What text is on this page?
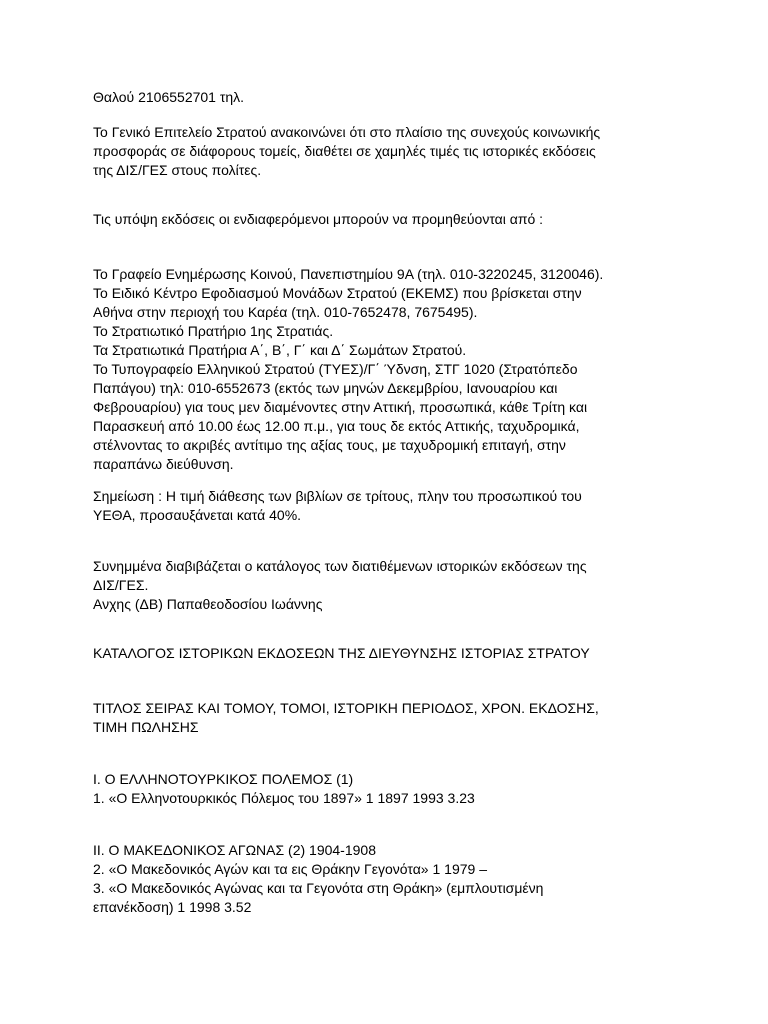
Θαλού 2106552701 τηλ.
Το Γενικό Επιτελείο Στρατού ανακοινώνει ότι στο πλαίσιο της συνεχούς κοινωνικής
προσφοράς σε διάφορους τομείς, διαθέτει σε χαμηλές τιμές τις ιστορικές εκδόσεις
της ΔΙΣ/ΓΕΣ στους πολίτες.
Τις υπόψη εκδόσεις οι ενδιαφερόμενοι μπορούν να προμηθεύονται από :
Το Γραφείο Ενημέρωσης Κοινού, Πανεπιστημίου 9Α (τηλ. 010-3220245, 3120046).
Το Ειδικό Κέντρο Εφοδιασμού Μονάδων Στρατού (ΕΚΕΜΣ) που βρίσκεται στην
Αθήνα στην περιοχή του Καρέα (τηλ. 010-7652478, 7675495).
Το Στρατιωτικό Πρατήριο 1ης Στρατιάς.
Τα Στρατιωτικά Πρατήρια Α΄, Β΄, Γ΄ και Δ΄ Σωμάτων Στρατού.
Το Τυπογραφείο Ελληνικού Στρατού (ΤΥΕΣ)/Γ΄ Ύδνση, ΣΤΓ 1020 (Στρατόπεδο
Παπάγου) τηλ: 010-6552673 (εκτός των μηνών Δεκεμβρίου, Ιανουαρίου και
Φεβρουαρίου) για τους μεν διαμένοντες στην Αττική, προσωπικά, κάθε Τρίτη και
Παρασκευή από 10.00 έως 12.00 π.μ., για τους δε εκτός Αττικής, ταχυδρομικά,
στέλνοντας το ακριβές αντίτιμο της αξίας τους, με ταχυδρομική επιταγή, στην
παραπάνω διεύθυνση.
Σημείωση : Η τιμή διάθεσης των βιβλίων σε τρίτους, πλην του προσωπικού του
ΥΕΘΑ, προσαυξάνεται κατά 40%.
Συνημμένα διαβιβάζεται ο κατάλογος των διατιθέμενων ιστορικών εκδόσεων της
ΔΙΣ/ΓΕΣ.
Ανχης (ΔΒ) Παπαθεοδοσίου Ιωάννης
ΚΑΤΑΛΟΓΟΣ ΙΣΤΟΡΙΚΩΝ ΕΚΔΟΣΕΩΝ ΤΗΣ ΔΙΕΥΘΥΝΣΗΣ ΙΣΤΟΡΙΑΣ ΣΤΡΑΤΟΥ
ΤΙΤΛΟΣ ΣΕΙΡΑΣ ΚΑΙ ΤΟΜΟΥ, ΤΟΜΟΙ, ΙΣΤΟΡΙΚΗ ΠΕΡΙΟΔΟΣ, ΧΡΟΝ. ΕΚΔΟΣΗΣ,
ΤΙΜΗ ΠΩΛΗΣΗΣ
Ι. Ο ΕΛΛΗΝΟΤΟΥΡΚΙΚΟΣ ΠΟΛΕΜΟΣ (1)
1. «Ο Ελληνοτουρκικός Πόλεμος του 1897» 1 1897 1993 3.23
ΙΙ. Ο ΜΑΚΕΔΟΝΙΚΟΣ ΑΓΩΝΑΣ (2) 1904-1908
2. «Ο Μακεδονικός Αγών και τα εις Θράκην Γεγονότα» 1 1979 –
3. «Ο Μακεδονικός Αγώνας και τα Γεγονότα στη Θράκη» (εμπλουτισμένη
επανέκδοση) 1 1998 3.52
